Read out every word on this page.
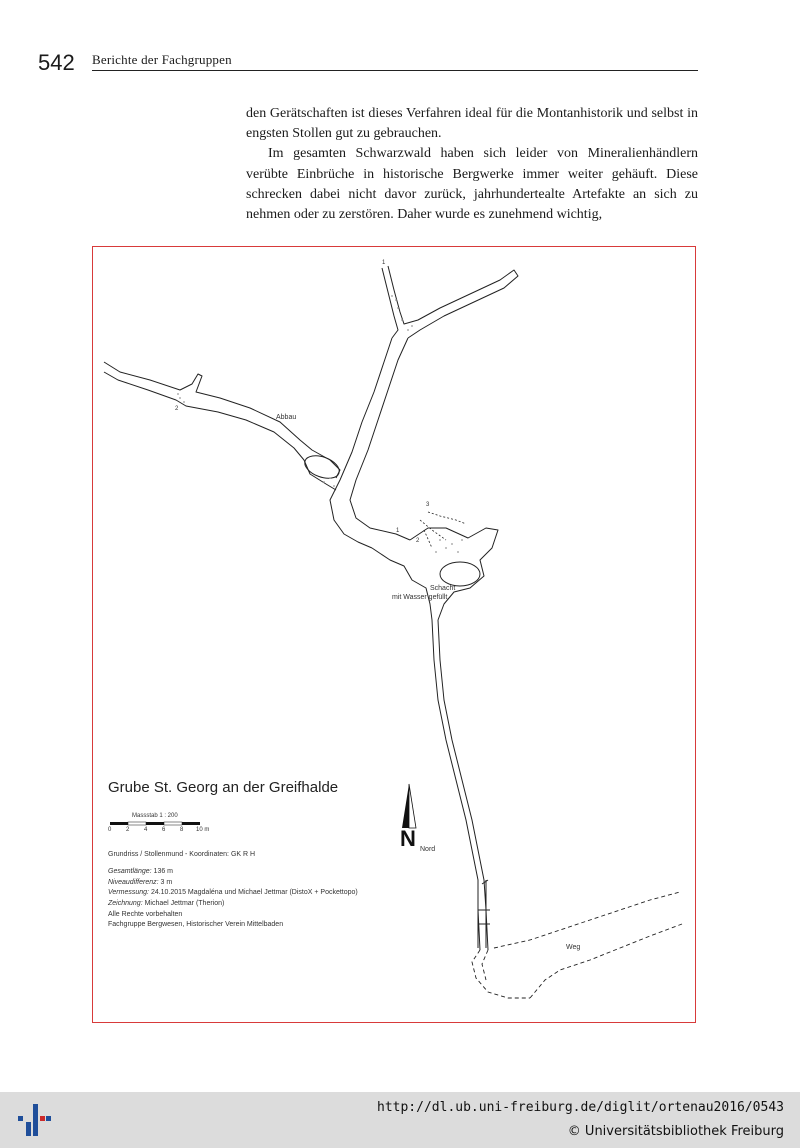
542 Berichte der Fachgruppen

den Gerätschaften ist dieses Verfahren ideal für die Montanhistorik und selbst in engsten Stollen gut zu gebrauchen.

Im gesamten Schwarzwald haben sich leider von Mineralienhändlern verübte Einbrüche in historische Bergwerke immer weiter gehäuft. Diese schrecken dabei nicht davor zurück, jahrhundertealte Artefakte an sich zu nehmen oder zu zerstören. Daher wurde es zunehmend wichtig,

Abbau
Schacht
mit Wasser gefüllt
Weg
Nord
N
1
2
3
1
2
Grube St. Georg an der Greifhalde
Massstab 1 : 200
0 2 4 6 8 10 m
Grundriss / Stollenmund - Koordinaten: GK R H
Gesamtlänge: 136 m
Niveaudifferenz: 3 m
Vermessung: 24.10.2015 Magdaléna und Michael Jettmar (DistoX + Pockettopo)
Zeichnung: Michael Jettmar (Therion)
Alle Rechte vorbehalten
Fachgruppe Bergwesen, Historischer Verein Mittelbaden
http://dl.ub.uni-freiburg.de/diglit/ortenau2016/0543
© Universitätsbibliothek Freiburg
